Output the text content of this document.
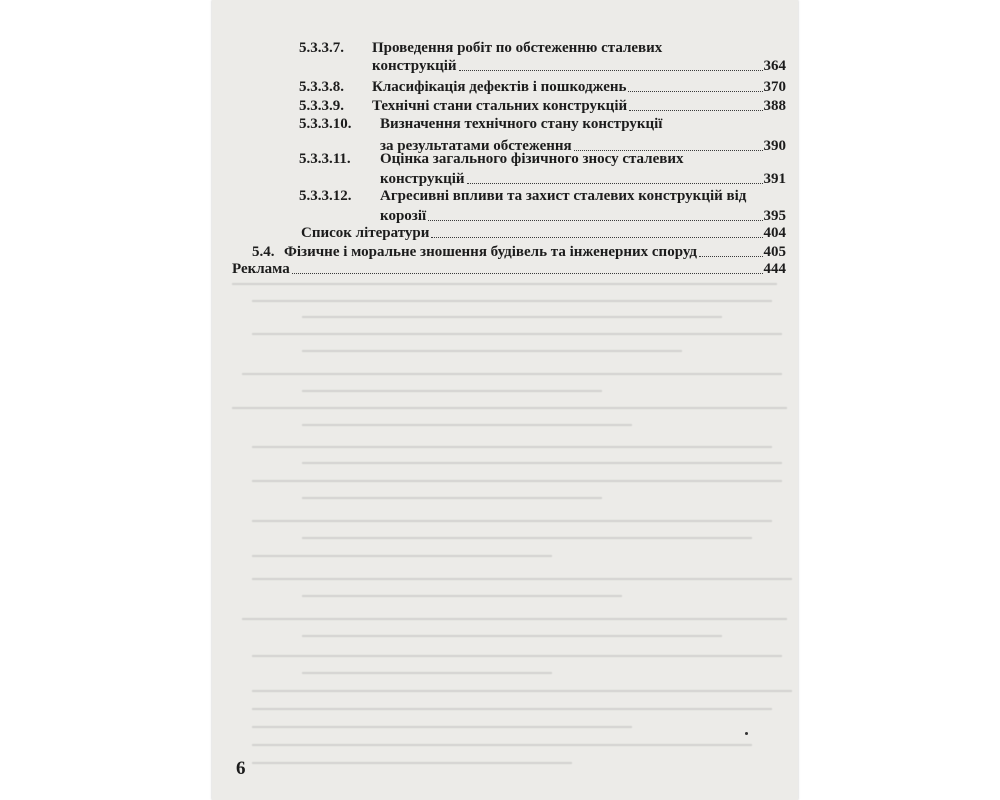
5.3.3.7. Проведення робіт по обстеженню сталевих
конструкцій	364
5.3.3.8.	Класифікація дефектів і пошкоджень	370
5.3.3.9.	Технічні стани стальних конструкцій	388
5.3.3.10. Визначення технічного стану конструкції
за результатами обстеження	390
5.3.3.11. Оцінка загального фізичного зносу сталевих
конструкцій	391
5.3.3.12. Агресивні впливи та захист сталевих конструкцій від
корозії	395
Список літератури	404
5.4. Фізичне і моральне зношення будівель та інженерних споруд	405
Реклама	444
6
